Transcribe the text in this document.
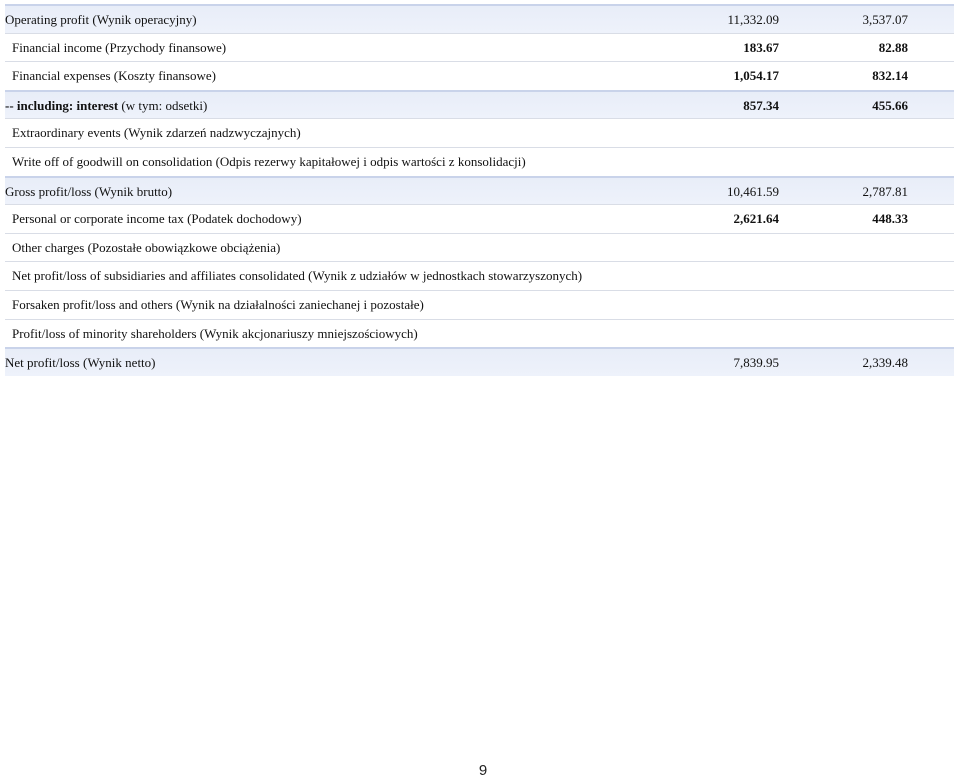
Operating profit (Wynik operacyjny)	11,332.09	3,537.07
Financial income (Przychody finansowe)	183.67	82.88
Financial expenses (Koszty finansowe)	1,054.17	832.14
-- including: interest (w tym: odsetki)	857.34	455.66
Extraordinary events (Wynik zdarzeń nadzwyczajnych)
Write off of goodwill on consolidation (Odpis rezerwy kapitałowej i odpis wartości z konsolidacji)
Gross profit/loss (Wynik brutto)	10,461.59	2,787.81
Personal or corporate income tax (Podatek dochodowy)	2,621.64	448.33
Other charges (Pozostałe obowiązkowe obciążenia)
Net profit/loss of subsidiaries and affiliates consolidated (Wynik z udziałów w jednostkach stowarzyszonych)
Forsaken profit/loss and others (Wynik na działalności zaniechanej i pozostałe)
Profit/loss of minority shareholders (Wynik akcjonariuszy mniejszościowych)
Net profit/loss (Wynik netto)	7,839.95	2,339.48
9
